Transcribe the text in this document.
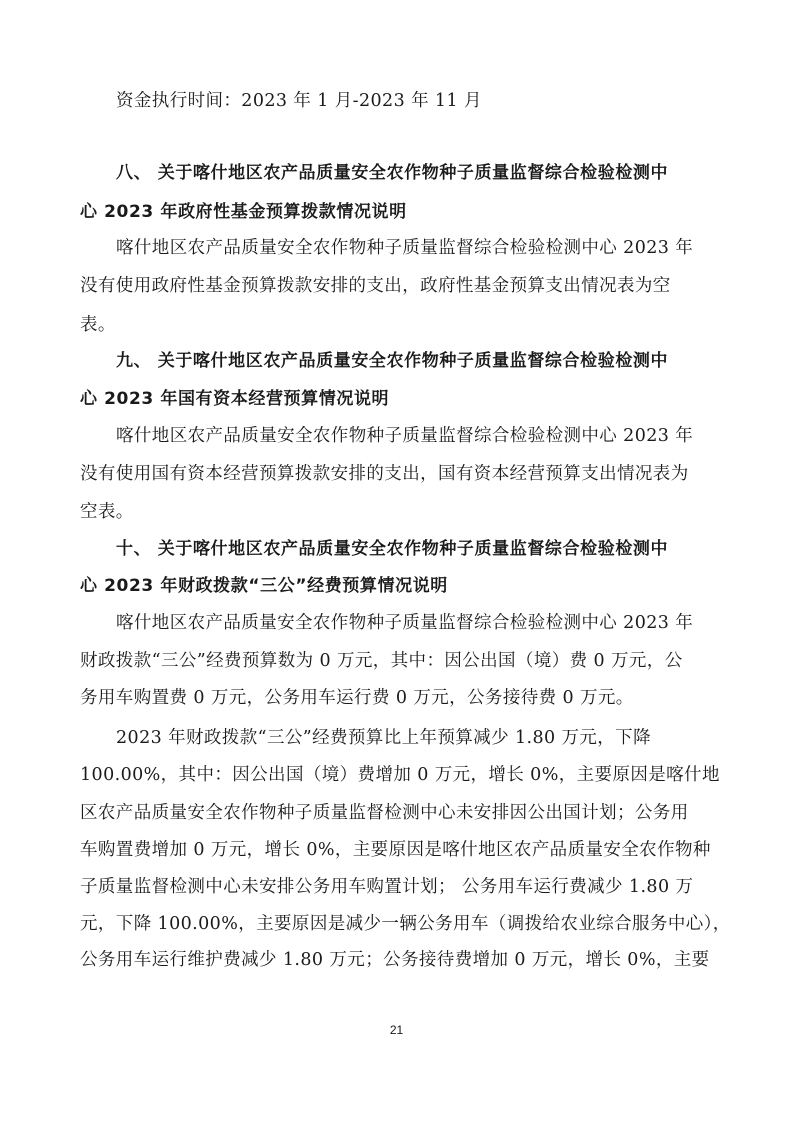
资金执行时间：2023 年 1 月-2023 年 11 月
八、 关于喀什地区农产品质量安全农作物种子质量监督综合检验检测中
心 2023 年政府性基金预算拨款情况说明
喀什地区农产品质量安全农作物种子质量监督综合检验检测中心 2023 年
没有使用政府性基金预算拨款安排的支出，政府性基金预算支出情况表为空
表。
九、 关于喀什地区农产品质量安全农作物种子质量监督综合检验检测中
心 2023 年国有资本经营预算情况说明
喀什地区农产品质量安全农作物种子质量监督综合检验检测中心 2023 年
没有使用国有资本经营预算拨款安排的支出，国有资本经营预算支出情况表为
空表。
十、 关于喀什地区农产品质量安全农作物种子质量监督综合检验检测中
心 2023 年财政拨款“三公”经费预算情况说明
喀什地区农产品质量安全农作物种子质量监督综合检验检测中心 2023 年
财政拨款“三公”经费预算数为 0 万元，其中：因公出国（境）费 0 万元，公
务用车购置费 0 万元，公务用车运行费 0 万元，公务接待费 0 万元。
2023 年财政拨款“三公”经费预算比上年预算减少 1.80 万元，下降
100.00%，其中：因公出国（境）费增加 0 万元，增长 0%，主要原因是喀什地
区农产品质量安全农作物种子质量监督检测中心未安排因公出国计划；公务用
车购置费增加 0 万元，增长 0%，主要原因是喀什地区农产品质量安全农作物种
子质量监督检测中心未安排公务用车购置计划； 公务用车运行费减少 1.80 万
元，下降 100.00%，主要原因是减少一辆公务用车（调拨给农业综合服务中心），
公务用车运行维护费减少 1.80 万元；公务接待费增加 0 万元，增长 0%，主要
21
